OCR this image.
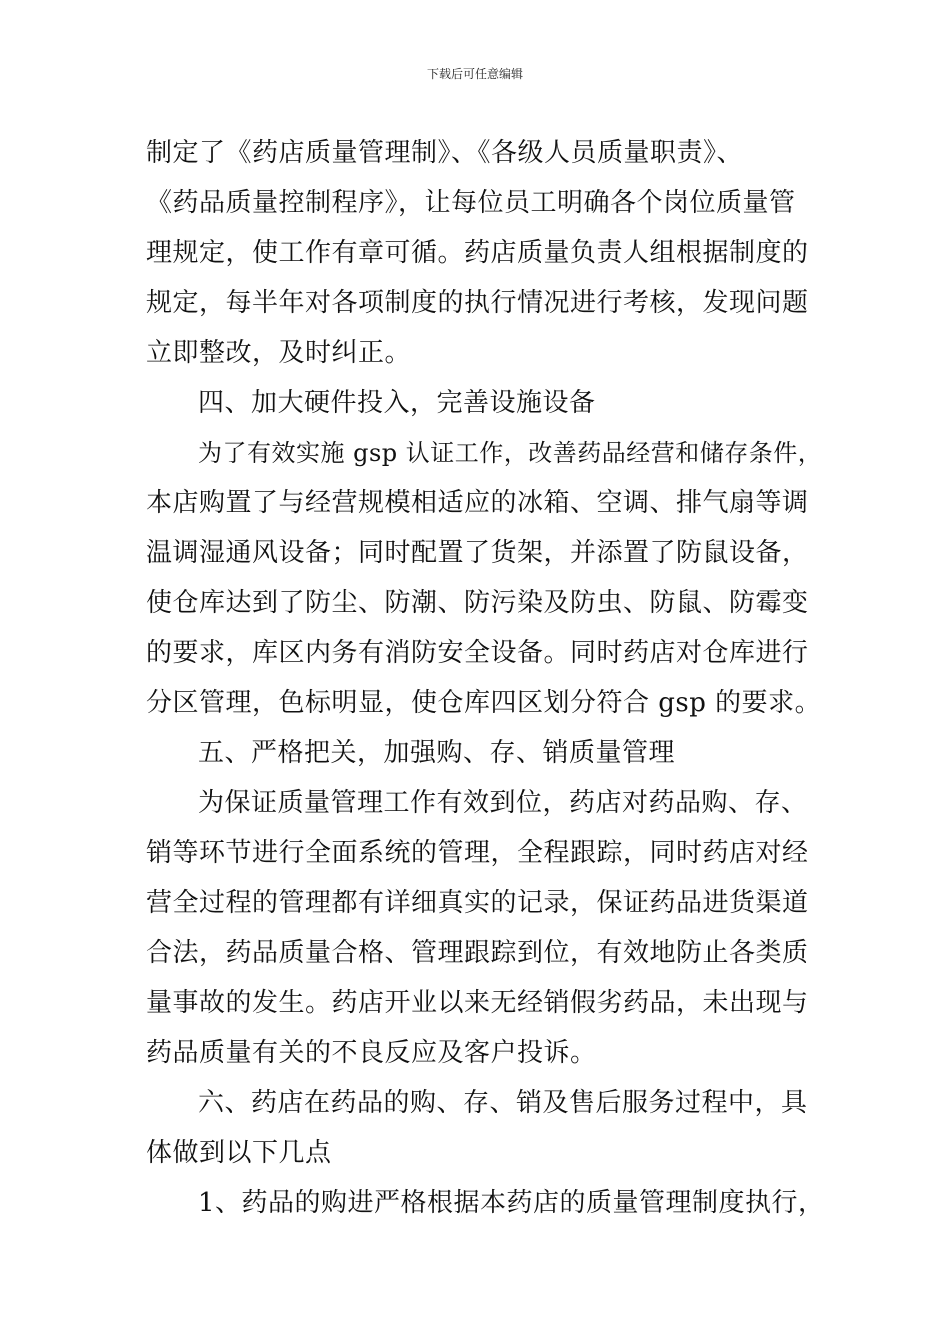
下载后可任意编辑
制定了《药店质量管理制》、《各级人员质量职责》、
《药品质量控制程序》，让每位员工明确各个岗位质量管
理规定，使工作有章可循。药店质量负责人组根据制度的
规定，每半年对各项制度的执行情况进行考核，发现问题
立即整改，及时纠正。
四、加大硬件投入，完善设施设备
为了有效实施 gsp 认证工作，改善药品经营和储存条件，
本店购置了与经营规模相适应的冰箱、空调、排气扇等调
温调湿通风设备；同时配置了货架，并添置了防鼠设备，
使仓库达到了防尘、防潮、防污染及防虫、防鼠、防霉变
的要求，库区内务有消防安全设备。同时药店对仓库进行
分区管理，色标明显，使仓库四区划分符合 gsp 的要求。
五、严格把关，加强购、存、销质量管理
为保证质量管理工作有效到位，药店对药品购、存、
销等环节进行全面系统的管理，全程跟踪，同时药店对经
营全过程的管理都有详细真实的记录，保证药品进货渠道
合法，药品质量合格、管理跟踪到位，有效地防止各类质
量事故的发生。药店开业以来无经销假劣药品，未出现与
药品质量有关的不良反应及客户投诉。
六、药店在药品的购、存、销及售后服务过程中，具
体做到以下几点
1、药品的购进严格根据本药店的质量管理制度执行，
